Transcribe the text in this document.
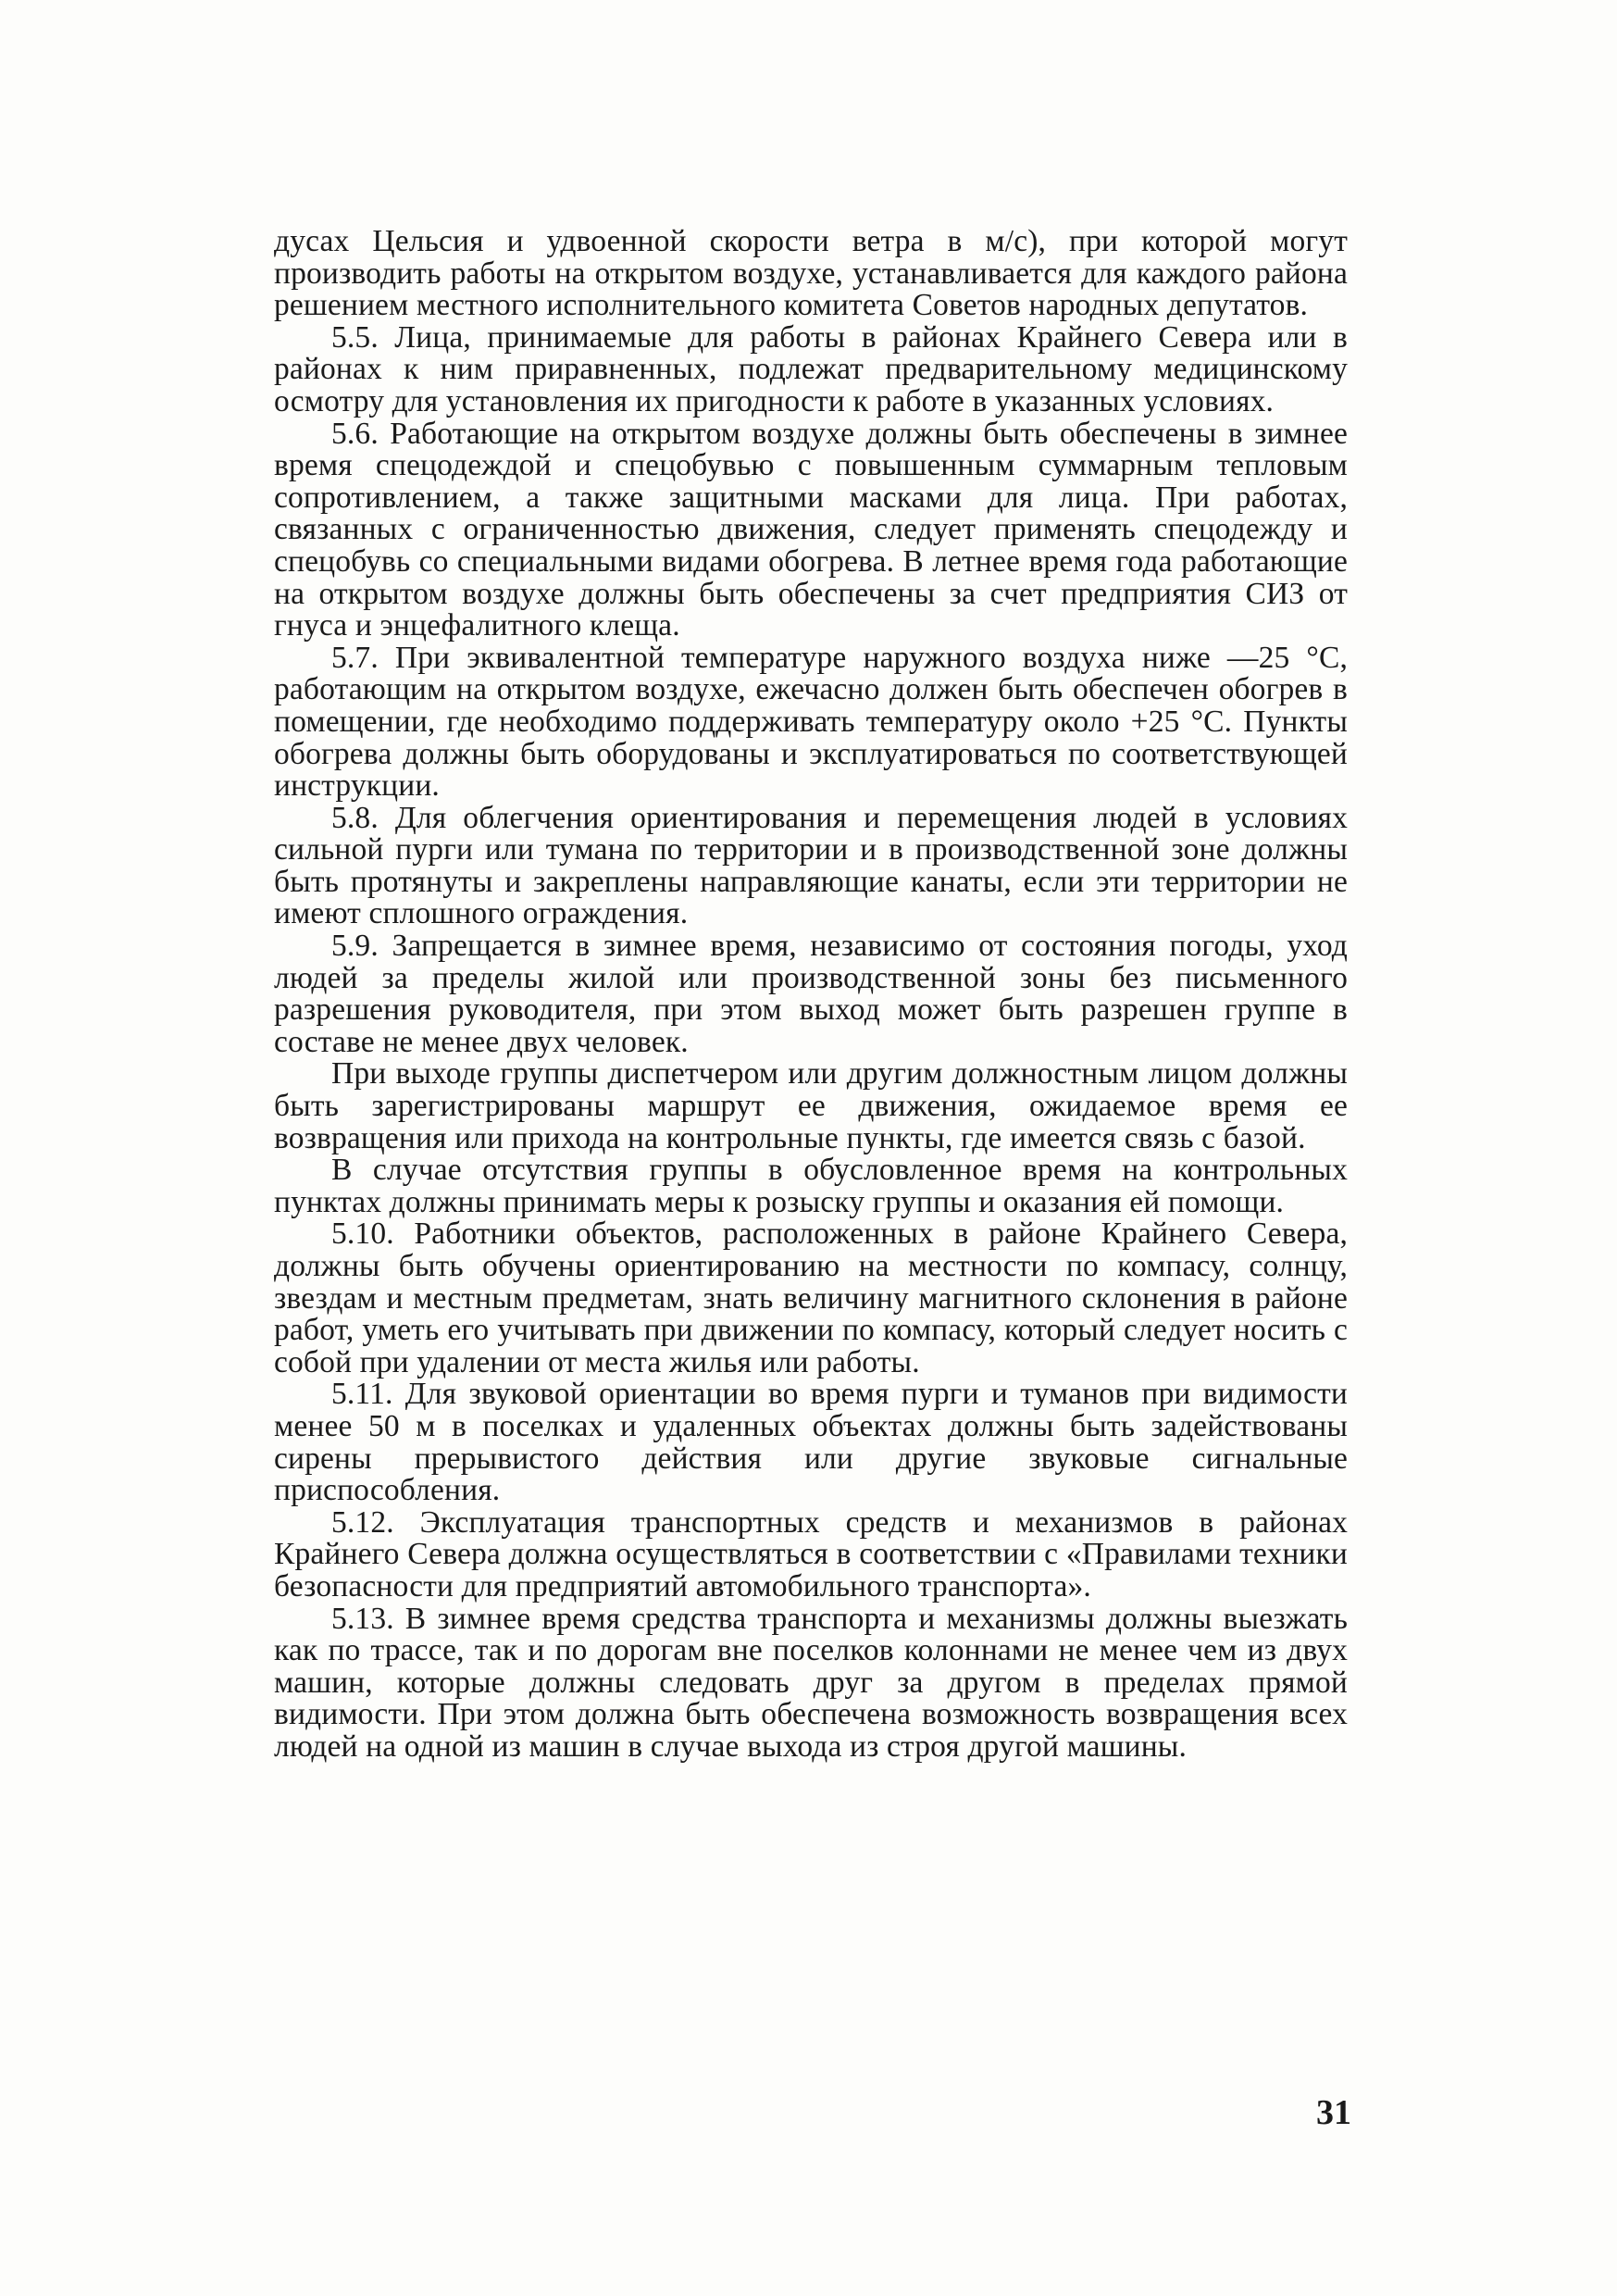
дусах Цельсия и удвоенной скорости ветра в м/с), при которой могут производить работы на открытом воздухе, устанавливается для каждого района решением местного исполнительного комитета Советов народных депутатов.

5.5. Лица, принимаемые для работы в районах Крайнего Севера или в районах к ним приравненных, подлежат предварительному медицинскому осмотру для установления их пригодности к работе в указанных условиях.

5.6. Работающие на открытом воздухе должны быть обеспечены в зимнее время спецодеждой и спецобувью с повышенным суммарным тепловым сопротивлением, а также защитными масками для лица. При работах, связанных с ограниченностью движения, следует применять спецодежду и спецобувь со специальными видами обогрева. В летнее время года работающие на открытом воздухе должны быть обеспечены за счет предприятия СИЗ от гнуса и энцефалитного клеща.

5.7. При эквивалентной температуре наружного воздуха ниже —25 °С, работающим на открытом воздухе, ежечасно должен быть обеспечен обогрев в помещении, где необходимо поддерживать температуру около +25 °С. Пункты обогрева должны быть оборудованы и эксплуатироваться по соответствующей инструкции.

5.8. Для облегчения ориентирования и перемещения людей в условиях сильной пурги или тумана по территории и в производственной зоне должны быть протянуты и закреплены направляющие канаты, если эти территории не имеют сплошного ограждения.

5.9. Запрещается в зимнее время, независимо от состояния погоды, уход людей за пределы жилой или производственной зоны без письменного разрешения руководителя, при этом выход может быть разрешен группе в составе не менее двух человек.

При выходе группы диспетчером или другим должностным лицом должны быть зарегистрированы маршрут ее движения, ожидаемое время ее возвращения или прихода на контрольные пункты, где имеется связь с базой.

В случае отсутствия группы в обусловленное время на контрольных пунктах должны принимать меры к розыску группы и оказания ей помощи.

5.10. Работники объектов, расположенных в районе Крайнего Севера, должны быть обучены ориентированию на местности по компасу, солнцу, звездам и местным предметам, знать величину магнитного склонения в районе работ, уметь его учитывать при движении по компасу, который следует носить с собой при удалении от места жилья или работы.

5.11. Для звуковой ориентации во время пурги и туманов при видимости менее 50 м в поселках и удаленных объектах должны быть задействованы сирены прерывистого действия или другие звуковые сигнальные приспособления.

5.12. Эксплуатация транспортных средств и механизмов в районах Крайнего Севера должна осуществляться в соответствии с «Правилами техники безопасности для предприятий автомобильного транспорта».

5.13. В зимнее время средства транспорта и механизмы должны выезжать как по трассе, так и по дорогам вне поселков колоннами не менее чем из двух машин, которые должны следовать друг за другом в пределах прямой видимости. При этом должна быть обеспечена возможность возвращения всех людей на одной из машин в случае выхода из строя другой машины.

31
